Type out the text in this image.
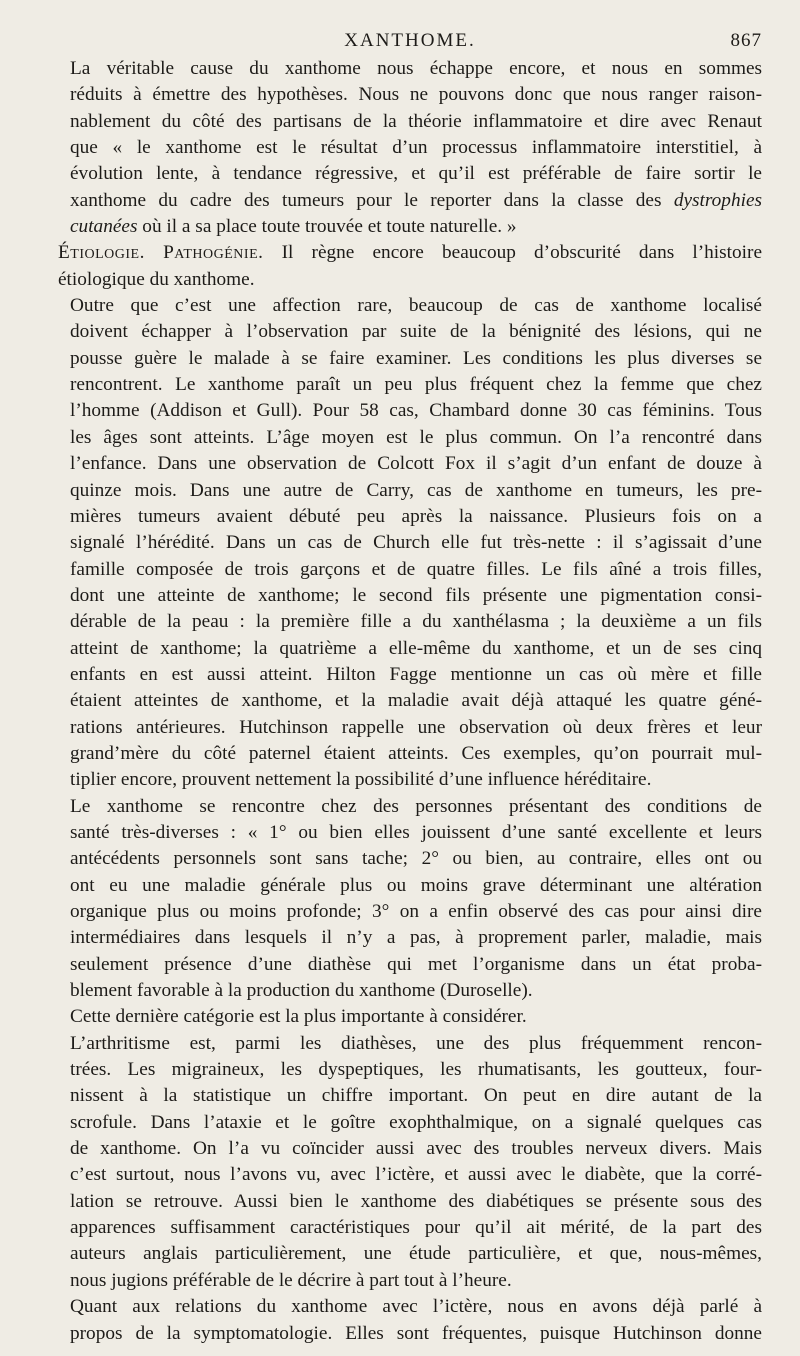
XANTHOME.	867

La véritable cause du xanthome nous échappe encore, et nous en sommes
réduits à émettre des hypothèses. Nous ne pouvons donc que nous ranger raison-
nablement du côté des partisans de la théorie inflammatoire et dire avec Renaut
que « le xanthome est le résultat d’un processus inflammatoire interstitiel, à
évolution lente, à tendance régressive, et qu’il est préférable de faire sortir le
xanthome du cadre des tumeurs pour le reporter dans la classe des dystrophies
cutanées où il a sa place toute trouvée et toute naturelle. »

Étiologie. Pathogénie. Il règne encore beaucoup d’obscurité dans l’histoire
étiologique du xanthome.

Outre que c’est une affection rare, beaucoup de cas de xanthome localisé
doivent échapper à l’observation par suite de la bénignité des lésions, qui ne
pousse guère le malade à se faire examiner. Les conditions les plus diverses se
rencontrent. Le xanthome paraît un peu plus fréquent chez la femme que chez
l’homme (Addison et Gull). Pour 58 cas, Chambard donne 30 cas féminins. Tous
les âges sont atteints. L’âge moyen est le plus commun. On l’a rencontré dans
l’enfance. Dans une observation de Colcott Fox il s’agit d’un enfant de douze à
quinze mois. Dans une autre de Carry, cas de xanthome en tumeurs, les pre-
mières tumeurs avaient débuté peu après la naissance. Plusieurs fois on a
signalé l’hérédité. Dans un cas de Church elle fut très-nette : il s’agissait d’une
famille composée de trois garçons et de quatre filles. Le fils aîné a trois filles,
dont une atteinte de xanthome; le second fils présente une pigmentation consi-
dérable de la peau : la première fille a du xanthélasma ; la deuxième a un fils
atteint de xanthome; la quatrième a elle-même du xanthome, et un de ses cinq
enfants en est aussi atteint. Hilton Fagge mentionne un cas où mère et fille
étaient atteintes de xanthome, et la maladie avait déjà attaqué les quatre géné-
rations antérieures. Hutchinson rappelle une observation où deux frères et leur
grand’mère du côté paternel étaient atteints. Ces exemples, qu’on pourrait mul-
tiplier encore, prouvent nettement la possibilité d’une influence héréditaire.

Le xanthome se rencontre chez des personnes présentant des conditions de
santé très-diverses : « 1° ou bien elles jouissent d’une santé excellente et leurs
antécédents personnels sont sans tache; 2° ou bien, au contraire, elles ont ou
ont eu une maladie générale plus ou moins grave déterminant une altération
organique plus ou moins profonde; 3° on a enfin observé des cas pour ainsi dire
intermédiaires dans lesquels il n’y a pas, à proprement parler, maladie, mais
seulement présence d’une diathèse qui met l’organisme dans un état proba-
blement favorable à la production du xanthome (Duroselle).

Cette dernière catégorie est la plus importante à considérer.

L’arthritisme est, parmi les diathèses, une des plus fréquemment rencon-
trées. Les migraineux, les dyspeptiques, les rhumatisants, les goutteux, four-
nissent à la statistique un chiffre important. On peut en dire autant de la
scrofule. Dans l’ataxie et le goître exophthalmique, on a signalé quelques cas
de xanthome. On l’a vu coïncider aussi avec des troubles nerveux divers. Mais
c’est surtout, nous l’avons vu, avec l’ictère, et aussi avec le diabète, que la corré-
lation se retrouve. Aussi bien le xanthome des diabétiques se présente sous des
apparences suffisamment caractéristiques pour qu’il ait mérité, de la part des
auteurs anglais particulièrement, une étude particulière, et que, nous-mêmes,
nous jugions préférable de le décrire à part tout à l’heure.

Quant aux relations du xanthome avec l’ictère, nous en avons déjà parlé à
propos de la symptomatologie. Elles sont fréquentes, puisque Hutchinson donne
